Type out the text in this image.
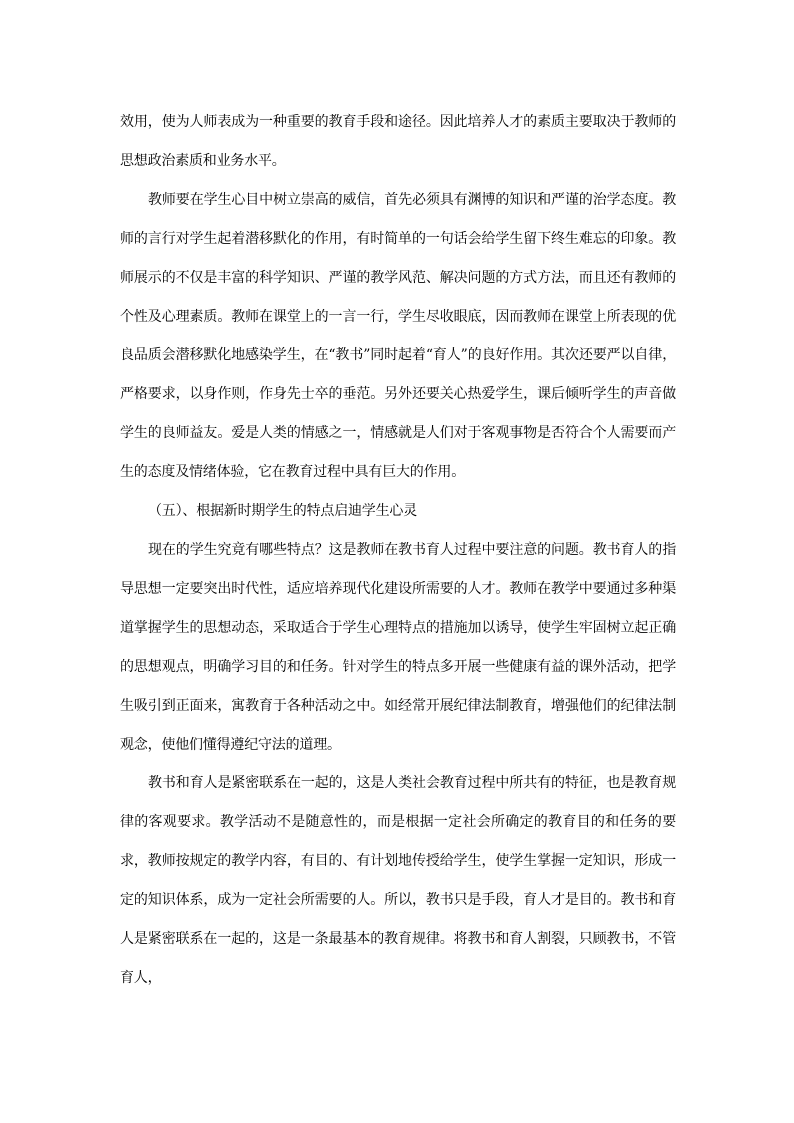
效用，使为人师表成为一种重要的教育手段和途径。因此培养人才的素质主要取决于教师的思想政治素质和业务水平。

教师要在学生心目中树立崇高的威信，首先必须具有渊博的知识和严谨的治学态度。教师的言行对学生起着潜移默化的作用，有时简单的一句话会给学生留下终生难忘的印象。教师展示的不仅是丰富的科学知识、严谨的教学风范、解决问题的方式方法，而且还有教师的个性及心理素质。教师在课堂上的一言一行，学生尽收眼底，因而教师在课堂上所表现的优良品质会潜移默化地感染学生，在“教书”同时起着“育人”的良好作用。其次还要严以自律，严格要求，以身作则，作身先士卒的垂范。另外还要关心热爱学生，课后倾听学生的声音做学生的良师益友。爱是人类的情感之一，情感就是人们对于客观事物是否符合个人需要而产生的态度及情绪体验，它在教育过程中具有巨大的作用。

（五）、根据新时期学生的特点启迪学生心灵

现在的学生究竟有哪些特点？这是教师在教书育人过程中要注意的问题。教书育人的指导思想一定要突出时代性，适应培养现代化建设所需要的人才。教师在教学中要通过多种渠道掌握学生的思想动态，采取适合于学生心理特点的措施加以诱导，使学生牢固树立起正确的思想观点，明确学习目的和任务。针对学生的特点多开展一些健康有益的课外活动，把学生吸引到正面来，寓教育于各种活动之中。如经常开展纪律法制教育，增强他们的纪律法制观念，使他们懂得遵纪守法的道理。

教书和育人是紧密联系在一起的，这是人类社会教育过程中所共有的特征，也是教育规律的客观要求。教学活动不是随意性的，而是根据一定社会所确定的教育目的和任务的要求，教师按规定的教学内容，有目的、有计划地传授给学生，使学生掌握一定知识，形成一定的知识体系，成为一定社会所需要的人。所以，教书只是手段，育人才是目的。教书和育人是紧密联系在一起的，这是一条最基本的教育规律。将教书和育人割裂，只顾教书，不管育人，
